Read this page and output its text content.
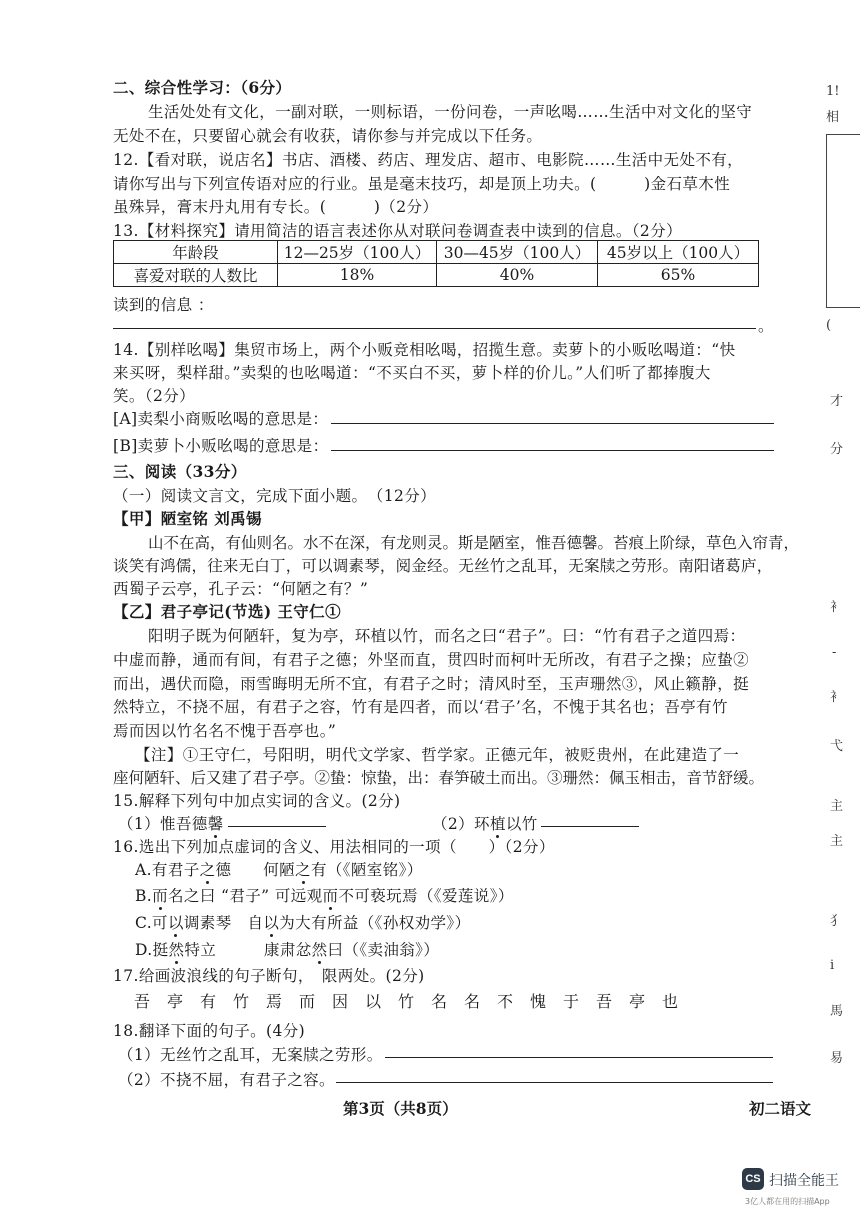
二、综合性学习：（6分）
生活处处有文化，一副对联，一则标语，一份问卷，一声吆喝……生活中对文化的坚守
无处不在，只要留心就会有收获，请你参与并完成以下任务。
12.【看对联，说店名】书店、酒楼、药店、理发店、超市、电影院……生活中无处不有，
请你写出与下列宣传语对应的行业。虽是毫末技巧，却是顶上功夫。(　　　)金石草木性
虽殊异，膏末丹丸用有专长。(　　　)（2分）
13.【材料探究】请用简洁的语言表述你从对联问卷调查表中读到的信息。（2分）
年龄段	12—25岁（100人）	30—45岁（100人）	45岁以上（100人）
喜爱对联的人数比	18%	40%	65%
读到的信息 ：
。
14.【别样吆喝】集贸市场上，两个小贩竞相吆喝，招揽生意。卖萝卜的小贩吆喝道：“快
来买呀，梨样甜。”卖梨的也吆喝道：“不买白不买，萝卜样的价儿。”人们听了都捧腹大
笑。（2分）
[A]卖梨小商贩吆喝的意思是：
[B]卖萝卜小贩吆喝的意思是：
三、阅读（33分）
（一）阅读文言文，完成下面小题。　（12分）
【甲】陋室铭 刘禹锡
山不在高，有仙则名。水不在深，有龙则灵。斯是陋室，惟吾德馨。苔痕上阶绿，草色入帘青，
谈笑有鸿儒，往来无白丁，可以调素琴，阅金经。无丝竹之乱耳，无案牍之劳形。南阳诸葛庐，
西蜀子云亭，孔子云：“何陋之有？”
【乙】君子亭记(节选) 王守仁①
阳明子既为何陋轩，复为亭，环植以竹，而名之曰“君子”。曰：“竹有君子之道四焉：
中虚而静，通而有间，有君子之德；外坚而直，贯四时而柯叶无所改，有君子之操；应蛰②
而出，遇伏而隐，雨雪晦明无所不宜，有君子之时；清风时至，玉声珊然③，风止籁静，挺
然特立，不挠不屈，有君子之容，竹有是四者，而以‘君子’名，不愧于其名也；吾亭有竹
焉而因以竹名名不愧于吾亭也。”
【注】①王守仁，号阳明，明代文学家、哲学家。正德元年，被贬贵州，在此建造了一
座何陋轩、后又建了君子亭。②蛰：惊蛰，出：春笋破土而出。③珊然：佩玉相击，音节舒缓。
15.解释下列句中加点实词的含义。(2分)
（1）惟吾德馨	（2）环植以竹
16.选出下列加点虚词的含义、用法相同的一项（　　）（2分）
A.有君子之德　　何陋之有（《陋室铭》）
B.而名之曰 “君子” 可远观而不可亵玩焉（《爱莲说》）
C.可以调素琴　自以为大有所益（《孙权劝学》）
D.挺然特立　　　康肃忿然曰（《卖油翁》）
17.给画波浪线的句子断句，　限两处。(2分)
吾亭有竹焉而因以竹名名不愧于吾亭也
18.翻译下面的句子。(4分)
（1）无丝竹之乱耳，无案牍之劳形。
（2）不挠不屈，有君子之容。
第3页（共8页）	初二语文
1!
相
(
才
分
衤
-
衤
弋
主
主
犭
i
馬
易
CS 扫描全能王
3亿人都在用的扫描App
